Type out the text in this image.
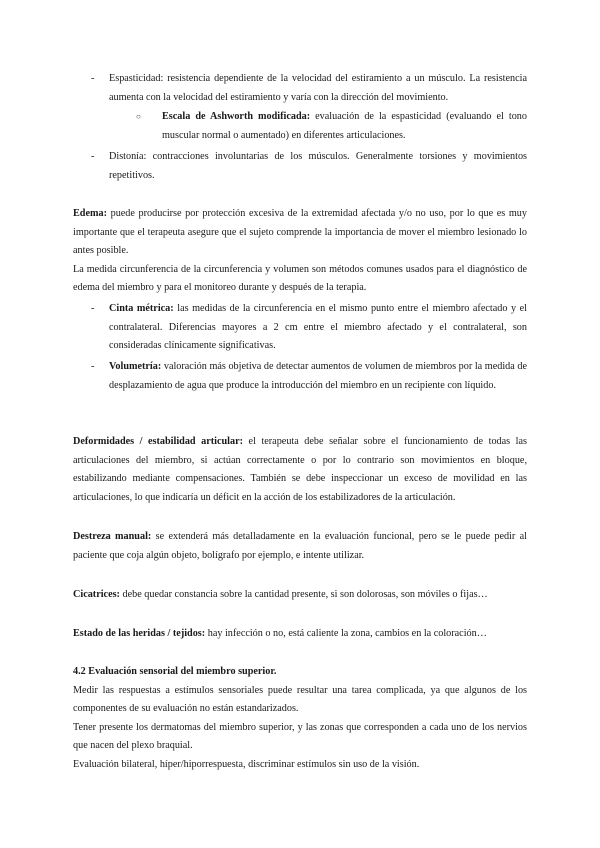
-	Espasticidad: resistencia dependiente de la velocidad del estiramiento a un músculo. La resistencia aumenta con la velocidad del estiramiento y varía con la dirección del movimiento.
○ Escala de Ashworth modificada: evaluación de la espasticidad (evaluando el tono muscular normal o aumentado) en diferentes articulaciones.
-	Distonía: contracciones involuntarias de los músculos. Generalmente torsiones y movimientos repetitivos.

Edema: puede producirse por protección excesiva de la extremidad afectada y/o no uso, por lo que es muy importante que el terapeuta asegure que el sujeto comprende la importancia de mover el miembro lesionado lo antes posible.

La medida circunferencia de la circunferencia y volumen son métodos comunes usados para el diagnóstico de edema del miembro y para el monitoreo durante y después de la terapia.

-	Cinta métrica: las medidas de la circunferencia en el mismo punto entre el miembro afectado y el contralateral. Diferencias mayores a 2 cm entre el miembro afectado y el contralateral, son consideradas clínicamente significativas.
-	Volumetría: valoración más objetiva de detectar aumentos de volumen de miembros por la medida de desplazamiento de agua que produce la introducción del miembro en un recipiente con líquido.

Deformidades / estabilidad articular: el terapeuta debe señalar sobre el funcionamiento de todas las articulaciones del miembro, si actúan correctamente o por lo contrario son movimientos en bloque, estabilizando mediante compensaciones. También se debe inspeccionar un exceso de movilidad en las articulaciones, lo que indicaría un déficit en la acción de los estabilizadores de la articulación.

Destreza manual: se extenderá más detalladamente en la evaluación funcional, pero se le puede pedir al paciente que coja algún objeto, bolígrafo por ejemplo, e intente utilizar.

Cicatrices: debe quedar constancia sobre la cantidad presente, si son dolorosas, son móviles o fijas…

Estado de las heridas / tejidos: hay infección o no, está caliente la zona, cambios en la coloración…

4.2 Evaluación sensorial del miembro superior.

Medir las respuestas a estímulos sensoriales puede resultar una tarea complicada, ya que algunos de los componentes de su evaluación no están estandarizados.

Tener presente los dermatomas del miembro superior, y las zonas que corresponden a cada uno de los nervios que nacen del plexo braquial.

Evaluación bilateral, híper/hiporrespuesta, discriminar estímulos sin uso de la visión.
